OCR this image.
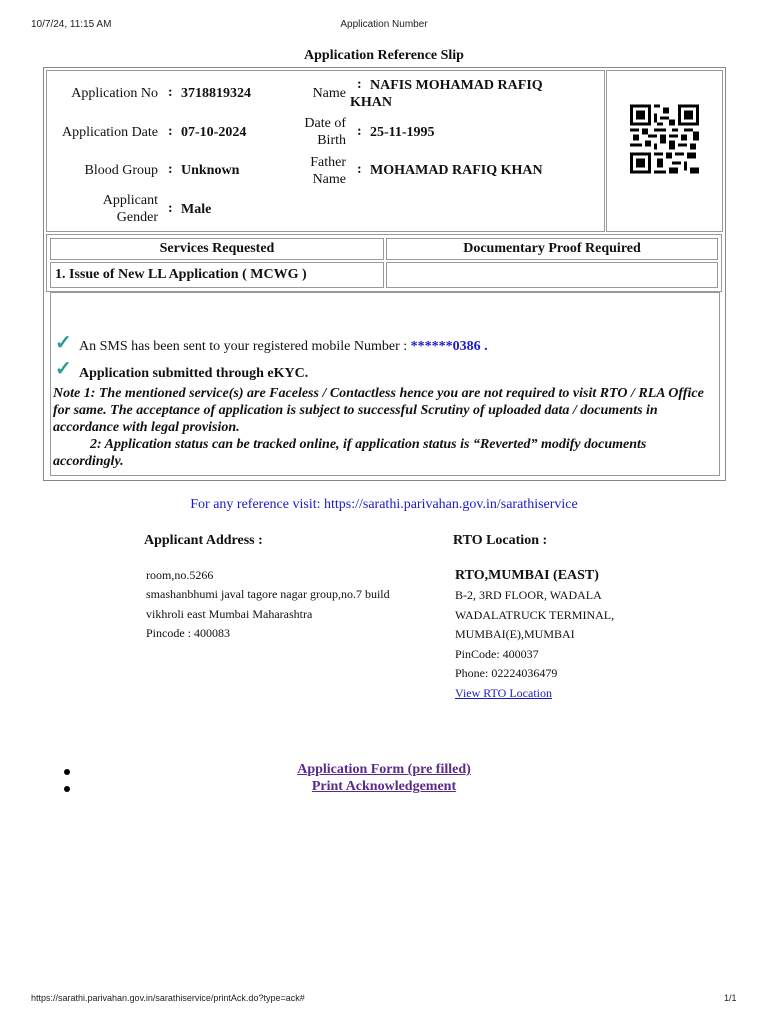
10/7/24, 11:15 AM	Application Number
https://sarathi.parivahan.gov.in/sarathiservice/printAck.do?type=ack#	1/1
Application Reference Slip
Application No : 3718819324
Application Date : 07-10-2024
Blood Group : Unknown
Applicant
Gender
: Male
Name
: NAFIS MOHAMAD RAFIQ
KHAN
Date of
Birth
: 25-11-1995
Father
Name
: MOHAMAD RAFIQ KHAN
Services Requested	Documentary Proof Required
1. Issue of New LL Application ( MCWG )
✓ An SMS has been sent to your registered mobile Number : ******0386 .
✓ Application submitted through eKYC.
Note 1: The mentioned service(s) are Faceless / Contactless hence you are not required to visit RTO / RLA Office for same. The acceptance of application is subject to successful Scrutiny of uploaded data / documents in accordance with legal provision.
2: Application status can be tracked online, if application status is “Reverted” modify documents accordingly.
For any reference visit: https://sarathi.parivahan.gov.in/sarathiservice
Applicant Address :
room,no.5266
smashanbhumi javal tagore nagar group,no.7 build
vikhroli east Mumbai Maharashtra
Pincode : 400083
RTO Location :
RTO,MUMBAI (EAST)
B-2, 3RD FLOOR, WADALA
WADALATRUCK TERMINAL,
MUMBAI(E),MUMBAI
PinCode: 400037
Phone: 02224036479
View RTO Location
Application Form (pre filled)
Print Acknowledgement
